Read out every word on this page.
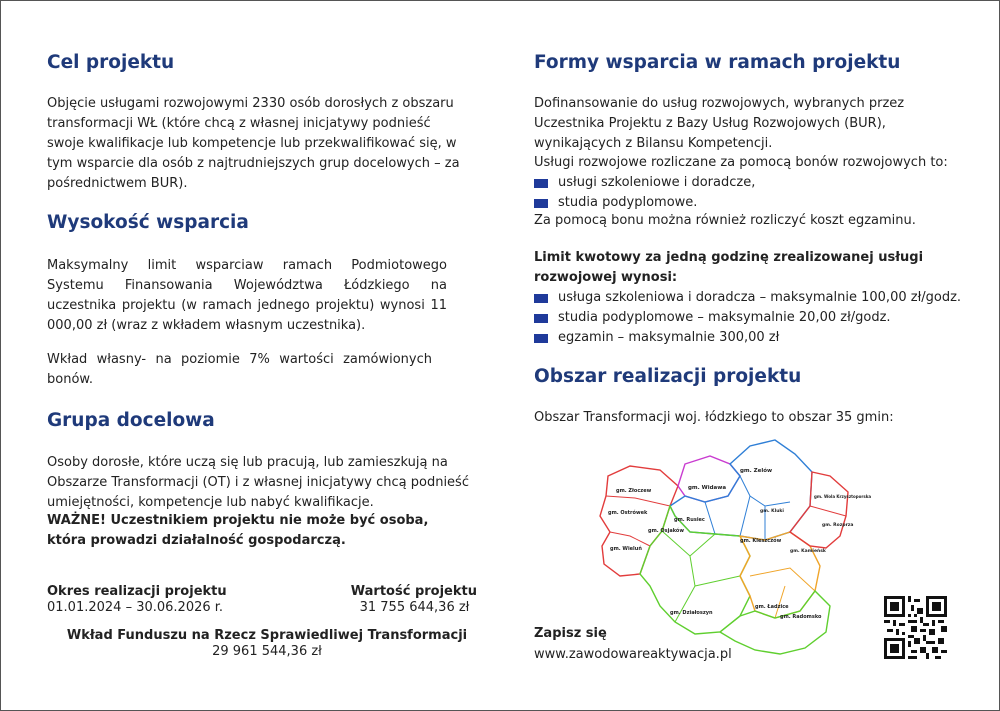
Cel projektu

Objęcie usługami rozwojowymi 2330 osób dorosłych z obszaru transformacji WŁ (które chcą z własnej inicjatywy podnieść swoje kwalifikacje lub kompetencje lub przekwalifikować się, w tym wsparcie dla osób z najtrudniejszych grup docelowych – za pośrednictwem BUR).

Wysokość wsparcia

Maksymalny limit wsparciaw ramach Podmiotowego Systemu Finansowania Województwa Łódzkiego na uczestnika projektu (w ramach jednego projektu) wynosi 11 000,00 zł (wraz z wkładem własnym uczestnika).

Wkład własny- na poziomie 7% wartości zamówionych bonów.

Grupa docelowa

Osoby dorosłe, które uczą się lub pracują, lub zamieszkują na Obszarze Transformacji (OT) i z własnej inicjatywy chcą podnieść umiejętności, kompetencje lub nabyć kwalifikacje.

WAŻNE! Uczestnikiem projektu nie może być osoba, która prowadzi działalność gospodarczą.

Okres realizacji projektu
01.01.2024 – 30.06.2026 r.
Wartość projektu
31 755 644,36 zł
Wkład Funduszu na Rzecz Sprawiedliwej Transformacji
29 961 544,36 zł
Formy wsparcia w ramach projektu

Dofinansowanie do usług rozwojowych, wybranych przez Uczestnika Projektu z Bazy Usług Rozwojowych (BUR), wynikających z Bilansu Kompetencji.

Usługi rozwojowe rozliczane za pomocą bonów rozwojowych to:

usługi szkoleniowe i doradcze,
studia podyplomowe.

Za pomocą bonu można również rozliczyć koszt egzaminu.

Limit kwotowy za jedną godzinę zrealizowanej usługi rozwojowej wynosi:

usługa szkoleniowa i doradcza – maksymalnie 100,00 zł/godz.
studia podyplomowe – maksymalnie 20,00 zł/godz.
egzamin – maksymalnie 300,00 zł
Obszar realizacji projektu

Obszar Transformacji woj. łódzkiego to obszar 35 gmin:

Zapisz się

www.zawodowareaktywacja.pl

gm. Zelów
gm. Widawa
gm. Złoczew
gm. Ostrówek
gm. Rusiec
gm. Osjaków
gm. Kleszczów
gm. Wieluń
gm. Działoszyn
gm. Ładzice
gm. Radomsko
gm. Kluki
gm. Wola Krzysztoporska
gm. Rozprza
gm. Kamieńsk
